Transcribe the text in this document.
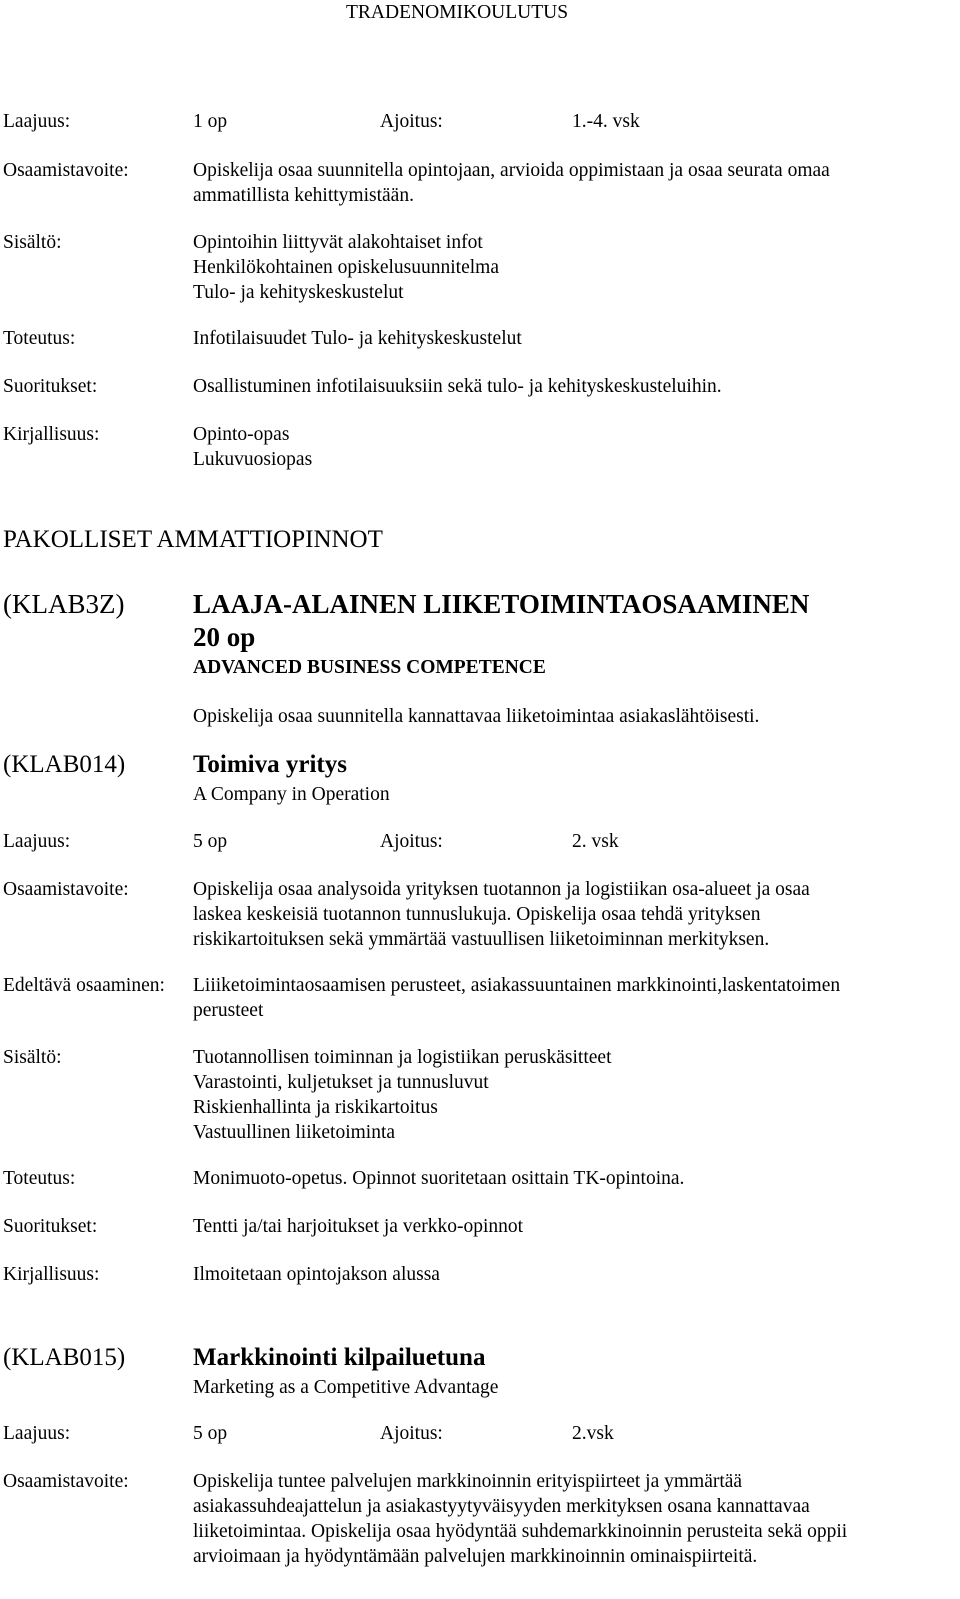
TRADENOMIKOULUTUS
Laajuus:	1 op	Ajoitus:	1.-4. vsk
Osaamistavoite:	Opiskelija osaa suunnitella opintojaan, arvioida oppimistaan ja osaa seurata omaa
ammatillista kehittymistään.
Sisältö:	Opintoihin liittyvät alakohtaiset infot
Henkilökohtainen opiskelusuunnitelma
Tulo- ja kehityskeskustelut
Toteutus:	Infotilaisuudet Tulo- ja kehityskeskustelut
Suoritukset:	Osallistuminen infotilaisuuksiin sekä tulo- ja kehityskeskusteluihin.
Kirjallisuus:	Opinto-opas
Lukuvuosiopas
PAKOLLISET AMMATTIOPINNOT
(KLAB3Z)	LAAJA-ALAINEN LIIKETOIMINTAOSAAMINEN
20 op
ADVANCED BUSINESS COMPETENCE
Opiskelija osaa suunnitella kannattavaa liiketoimintaa asiakaslähtöisesti.
(KLAB014)	Toimiva yritys
A Company in Operation
Laajuus:	5 op	Ajoitus:	2. vsk
Osaamistavoite:	Opiskelija osaa analysoida yrityksen tuotannon ja logistiikan osa-alueet ja osaa
laskea keskeisiä tuotannon tunnuslukuja. Opiskelija osaa tehdä yrityksen
riskikartoituksen sekä ymmärtää vastuullisen liiketoiminnan merkityksen.
Edeltävä osaaminen: Liiiketoimintaosaamisen perusteet, asiakassuuntainen markkinointi,laskentatoimen
perusteet
Sisältö:	Tuotannollisen toiminnan ja logistiikan peruskäsitteet
Varastointi, kuljetukset ja tunnusluvut
Riskienhallinta ja riskikartoitus
Vastuullinen liiketoiminta
Toteutus:	Monimuoto-opetus. Opinnot suoritetaan osittain TK-opintoina.
Suoritukset:	Tentti ja/tai harjoitukset ja verkko-opinnot
Kirjallisuus:	Ilmoitetaan opintojakson alussa
(KLAB015)	Markkinointi kilpailuetuna
Marketing as a Competitive Advantage
Laajuus:	5 op	Ajoitus:	2.vsk
Osaamistavoite:	Opiskelija tuntee palvelujen markkinoinnin erityispiirteet ja ymmärtää
asiakassuhdeajattelun ja asiakastyytyväisyyden merkityksen osana kannattavaa
liiketoimintaa. Opiskelija osaa hyödyntää suhdemarkkinoinnin perusteita sekä oppii
arvioimaan ja hyödyntämään palvelujen markkinoinnin ominaispiirteitä.
